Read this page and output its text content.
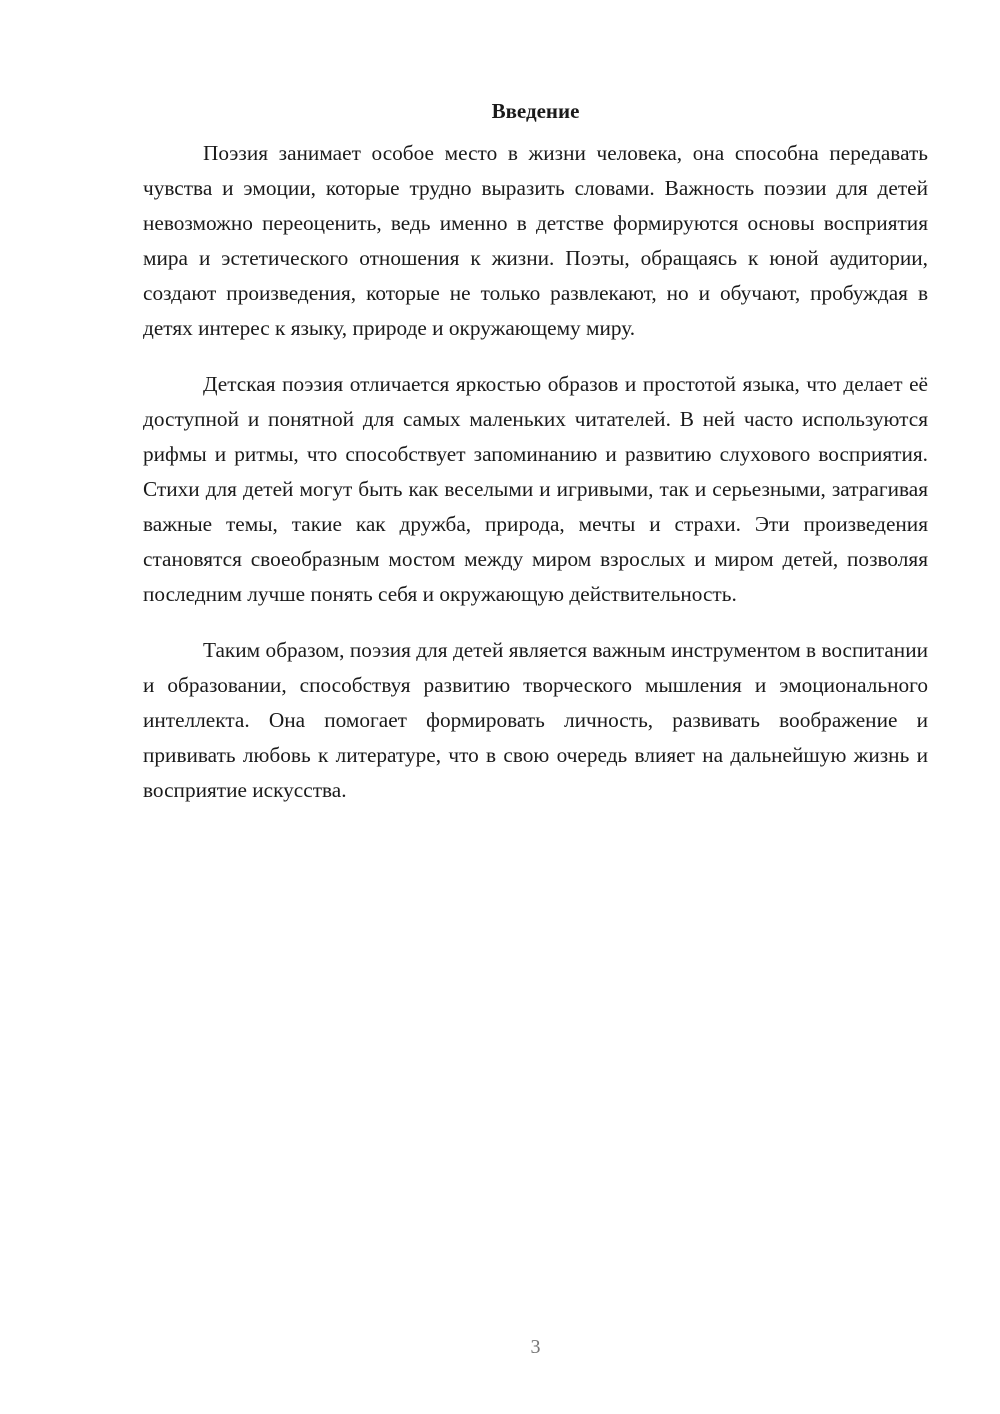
Введение

Поэзия занимает особое место в жизни человека, она способна передавать чувства и эмоции, которые трудно выразить словами. Важность поэзии для детей невозможно переоценить, ведь именно в детстве формируются основы восприятия мира и эстетического отношения к жизни. Поэты, обращаясь к юной аудитории, создают произведения, которые не только развлекают, но и обучают, пробуждая в детях интерес к языку, природе и окружающему миру.

Детская поэзия отличается яркостью образов и простотой языка, что делает её доступной и понятной для самых маленьких читателей. В ней часто используются рифмы и ритмы, что способствует запоминанию и развитию слухового восприятия. Стихи для детей могут быть как веселыми и игривыми, так и серьезными, затрагивая важные темы, такие как дружба, природа, мечты и страхи. Эти произведения становятся своеобразным мостом между миром взрослых и миром детей, позволяя последним лучше понять себя и окружающую действительность.

Таким образом, поэзия для детей является важным инструментом в воспитании и образовании, способствуя развитию творческого мышления и эмоционального интеллекта. Она помогает формировать личность, развивать воображение и прививать любовь к литературе, что в свою очередь влияет на дальнейшую жизнь и восприятие искусства.

3
